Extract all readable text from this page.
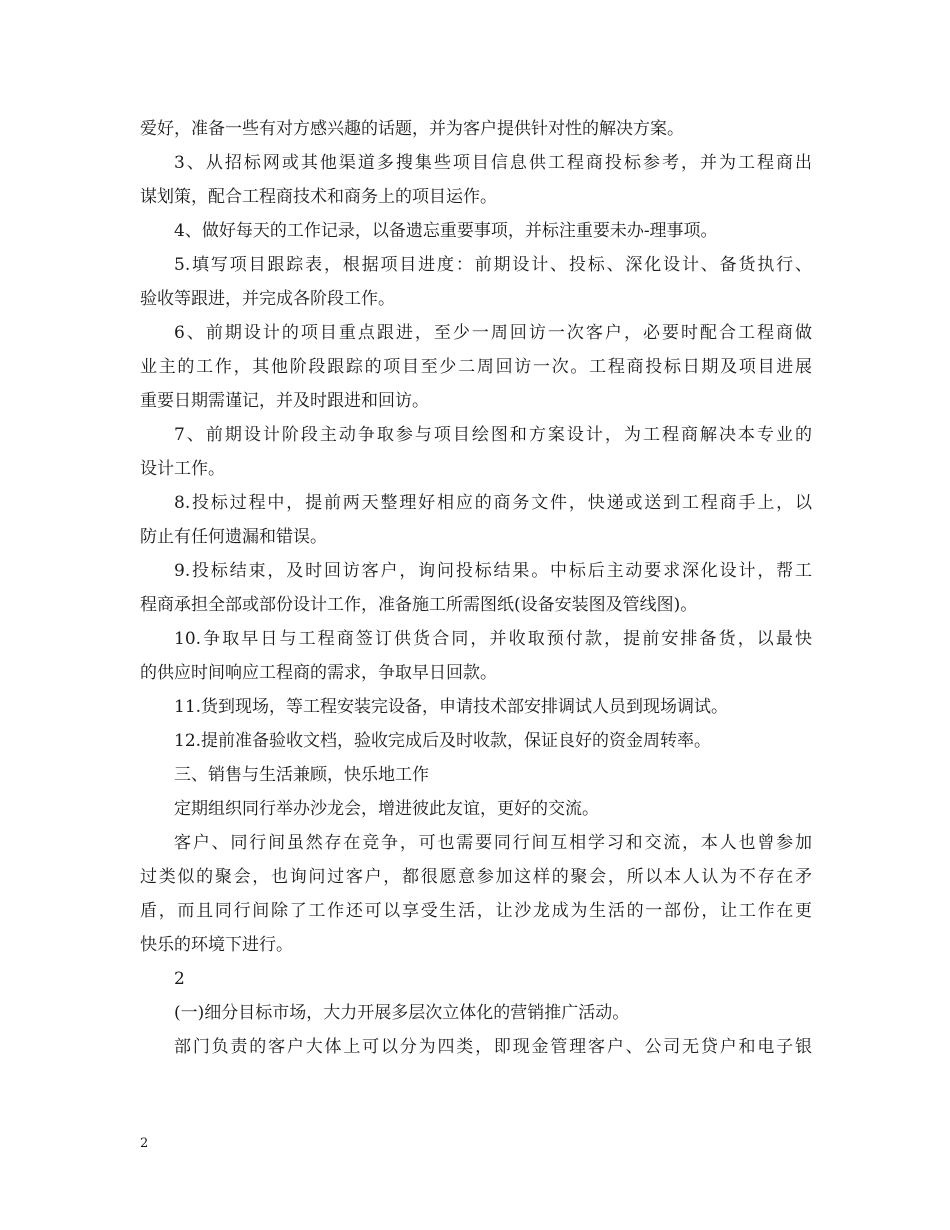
爱好，准备一些有对方感兴趣的话题，并为客户提供针对性的解决方案。
3、从招标网或其他渠道多搜集些项目信息供工程商投标参考，并为工程商出
谋划策，配合工程商技术和商务上的项目运作。
4、做好每天的工作记录，以备遗忘重要事项，并标注重要未办-理事项。
5.填写项目跟踪表，根据项目进度：前期设计、投标、深化设计、备货执行、
验收等跟进，并完成各阶段工作。
6、前期设计的项目重点跟进，至少一周回访一次客户，必要时配合工程商做
业主的工作，其他阶段跟踪的项目至少二周回访一次。工程商投标日期及项目进展
重要日期需谨记，并及时跟进和回访。
7、前期设计阶段主动争取参与项目绘图和方案设计，为工程商解决本专业的
设计工作。
8.投标过程中，提前两天整理好相应的商务文件，快递或送到工程商手上，以
防止有任何遗漏和错误。
9.投标结束，及时回访客户，询问投标结果。中标后主动要求深化设计，帮工
程商承担全部或部份设计工作，准备施工所需图纸(设备安装图及管线图)。
10.争取早日与工程商签订供货合同，并收取预付款，提前安排备货，以最快
的供应时间响应工程商的需求，争取早日回款。
11.货到现场，等工程安装完设备，申请技术部安排调试人员到现场调试。
12.提前准备验收文档，验收完成后及时收款，保证良好的资金周转率。
三、销售与生活兼顾，快乐地工作
定期组织同行举办沙龙会，增进彼此友谊，更好的交流。
客户、同行间虽然存在竞争，可也需要同行间互相学习和交流，本人也曾参加
过类似的聚会，也询问过客户，都很愿意参加这样的聚会，所以本人认为不存在矛
盾，而且同行间除了工作还可以享受生活，让沙龙成为生活的一部份，让工作在更
快乐的环境下进行。
2
(一)细分目标市场，大力开展多层次立体化的营销推广活动。
部门负责的客户大体上可以分为四类，即现金管理客户、公司无贷户和电子银
2
